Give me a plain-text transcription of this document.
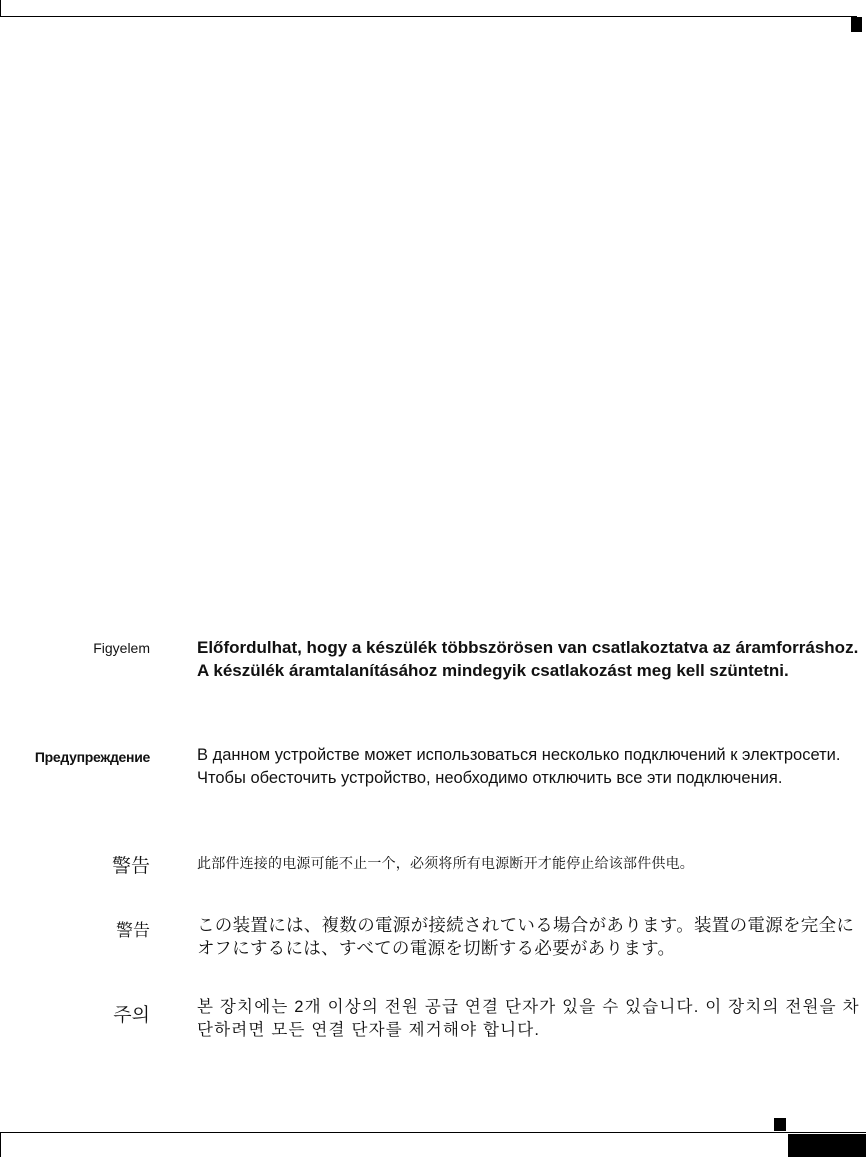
Figyelem	Előfordulhat, hogy a készülék többszörösen van csatlakoztatva az áramforráshoz. A készülék áramtalanításához mindegyik csatlakozást meg kell szüntetni.
Предупреждение	В данном устройстве может использоваться несколько подключений к электросети. Чтобы обесточить устройство, необходимо отключить все эти подключения.
警告	此部件连接的电源可能不止一个，必须将所有电源断开才能停止给该部件供电。
警告	この装置には、複数の電源が接続されている場合があります。装置の電源を完全にオフにするには、すべての電源を切断する必要があります。
주의	본 장치에는 2개 이상의 전원 공급 연결 단자가 있을 수 있습니다. 이 장치의 전원을 차단하려면 모든 연결 단자를 제거해야 합니다.
